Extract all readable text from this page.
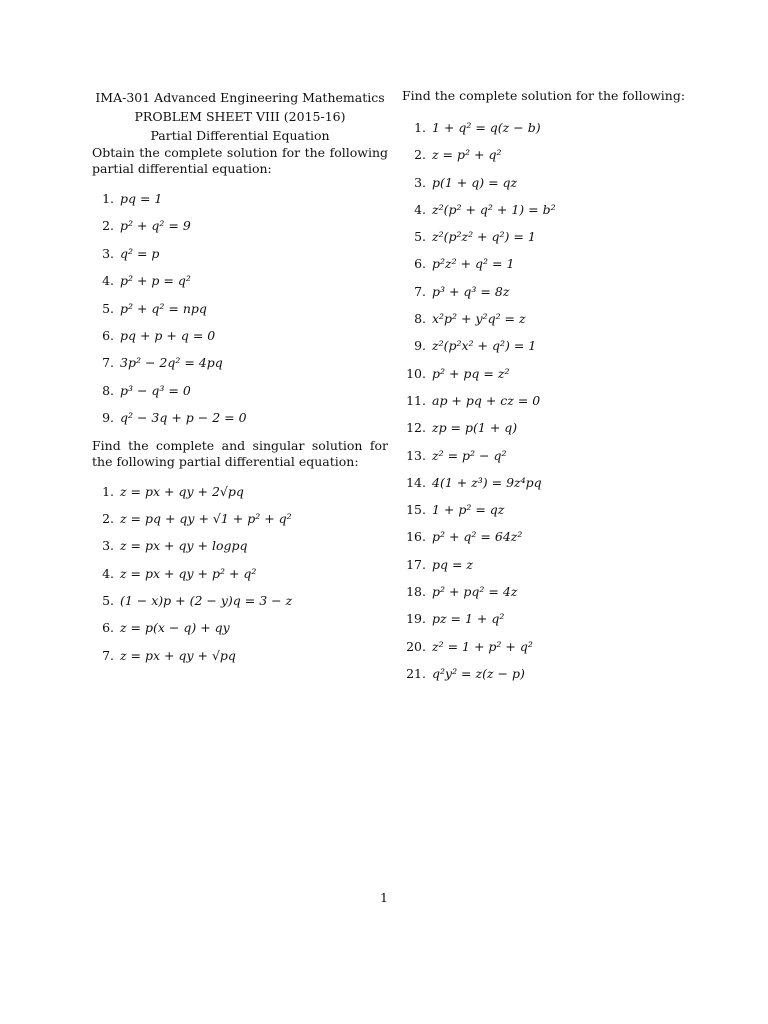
IMA-301 Advanced Engineering Mathematics
PROBLEM SHEET VIII (2015-16)
Partial Differential Equation

Obtain the complete solution for the following partial differential equation:

1. pq = 1
2. p² + q² = 9
3. q² = p
4. p² + p = q²
5. p² + q² = npq
6. pq + p + q = 0
7. 3p² − 2q² = 4pq
8. p³ − q³ = 0
9. q² − 3q + p − 2 = 0

Find the complete and singular solution for the following partial differential equation:

1. z = px + qy + 2√pq
2. z = pq + qy + √1 + p² + q²
3. z = px + qy + logpq
4. z = px + qy + p² + q²
5. (1 − x)p + (2 − y)q = 3 − z
6. z = p(x − q) + qy
7. z = px + qy + √pq

Find the complete solution for the following:

1. 1 + q² = q(z − b)
2. z = p² + q²
3. p(1 + q) = qz
4. z²(p² + q² + 1) = b²
5. z²(p²z² + q²) = 1
6. p²z² + q² = 1
7. p³ + q³ = 8z
8. x²p² + y²q² = z
9. z²(p²x² + q²) = 1
10. p² + pq = z²
11. ap + pq + cz = 0
12. zp = p(1 + q)
13. z² = p² − q²
14. 4(1 + z³) = 9z⁴pq
15. 1 + p² = qz
16. p² + q² = 64z²
17. pq = z
18. p² + pq² = 4z
19. pz = 1 + q²
20. z² = 1 + p² + q²
21. q²y² = z(z − p)
1
